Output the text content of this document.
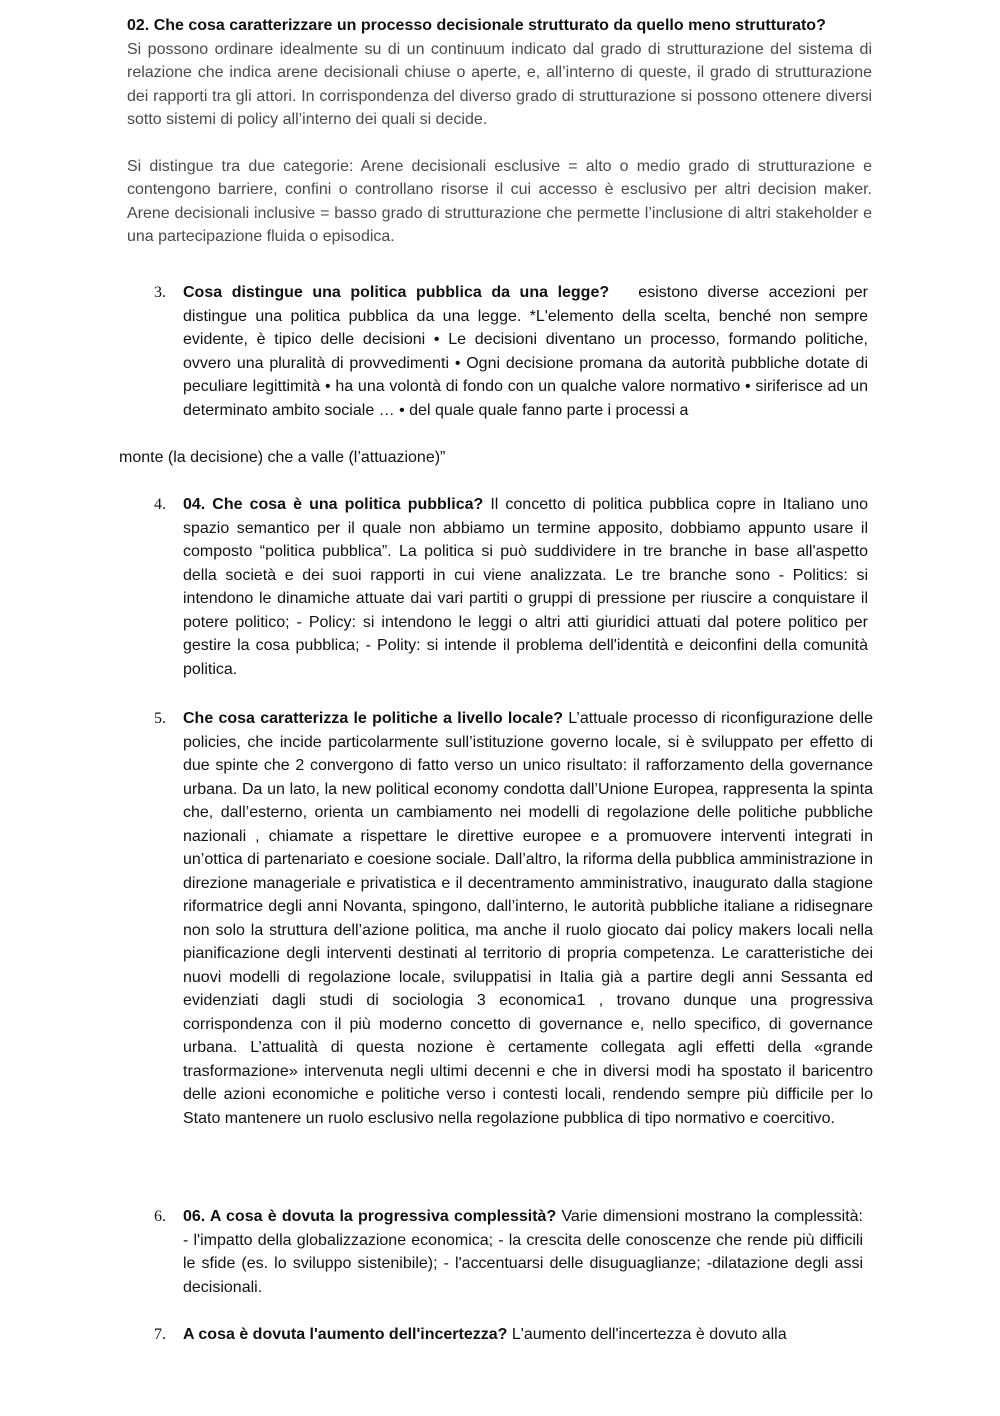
02. Che cosa caratterizzare un processo decisionale strutturato da quello meno strutturato?
Si possono ordinare idealmente su di un continuum indicato dal grado di strutturazione del sistema di relazione che indica arene decisionali chiuse o aperte, e, all’interno di queste, il grado di strutturazione dei rapporti tra gli attori. In corrispondenza del diverso grado di strutturazione si possono ottenere diversi sotto sistemi di policy all’interno dei quali si decide.
Si distingue tra due categorie: Arene decisionali esclusive = alto o medio grado di strutturazione e contengono barriere, confini o controllano risorse il cui accesso è esclusivo per altri decision maker. Arene decisionali inclusive = basso grado di strutturazione che permette l’inclusione di altri stakeholder e una partecipazione fluida o episodica.
3.	Cosa distingue una politica pubblica da una legge? esistono diverse accezioni per distingue una politica pubblica da una legge. *L'elemento della scelta, benché non sempre evidente, è tipico delle decisioni • Le decisioni diventano un processo, formando politiche, ovvero una pluralità di provvedimenti • Ogni decisione promana da autorità pubbliche dotate di peculiare legittimità • ha una volontà di fondo con un qualche valore normativo • siriferisce ad un determinato ambito sociale … • del quale quale fanno parte i processi a
monte (la decisione) che a valle (l’attuazione)”
4.	04. Che cosa è una politica pubblica? Il concetto di politica pubblica copre in Italiano uno spazio semantico per il quale non abbiamo un termine apposito, dobbiamo appunto usare il composto “politica pubblica”. La politica si può suddividere in tre branche in base all'aspetto della società e dei suoi rapporti in cui viene analizzata. Le tre branche sono - Politics: si intendono le dinamiche attuate dai vari partiti o gruppi di pressione per riuscire a conquistare il potere politico; - Policy: si intendono le leggi o altri atti giuridici attuati dal potere politico per gestire la cosa pubblica; - Polity: si intende il problema dell'identità e deiconfini della comunità politica.
5.	Che cosa caratterizza le politiche a livello locale? L’attuale processo di riconfigurazione delle policies, che incide particolarmente sull’istituzione governo locale, si è sviluppato per effetto di due spinte che 2 convergono di fatto verso un unico risultato: il rafforzamento della governance urbana. Da un lato, la new political economy condotta dall’Unione Europea, rappresenta la spinta che, dall’esterno, orienta un cambiamento nei modelli di regolazione delle politiche pubbliche nazionali , chiamate a rispettare le direttive europee e a promuovere interventi integrati in un’ottica di partenariato e coesione sociale. Dall’altro, la riforma della pubblica amministrazione in direzione manageriale e privatistica e il decentramento amministrativo, inaugurato dalla stagione riformatrice degli anni Novanta, spingono, dall’interno, le autorità pubbliche italiane a ridisegnare non solo la struttura dell’azione politica, ma anche il ruolo giocato dai policy makers locali nella pianificazione degli interventi destinati al territorio di propria competenza. Le caratteristiche dei nuovi modelli di regolazione locale, sviluppatisi in Italia già a partire degli anni Sessanta ed evidenziati dagli studi di sociologia 3 economica1 , trovano dunque una progressiva corrispondenza con il più moderno concetto di governance e, nello specifico, di governance urbana. L’attualità di questa nozione è certamente collegata agli effetti della «grande trasformazione» intervenuta negli ultimi decenni e che in diversi modi ha spostato il baricentro delle azioni economiche e politiche verso i contesti locali, rendendo sempre più difficile per lo Stato mantenere un ruolo esclusivo nella regolazione pubblica di tipo normativo e coercitivo.
6.	06. A cosa è dovuta la progressiva complessità? Varie dimensioni mostrano la complessità: - l'impatto della globalizzazione economica; - la crescita delle conoscenze che rende più difficili le sfide (es. lo sviluppo sistenibile); - l'accentuarsi delle disuguaglianze; -dilatazione degli assi decisionali.
7.	A cosa è dovuta l'aumento dell'incertezza? L'aumento dell'incertezza è dovuto alla
